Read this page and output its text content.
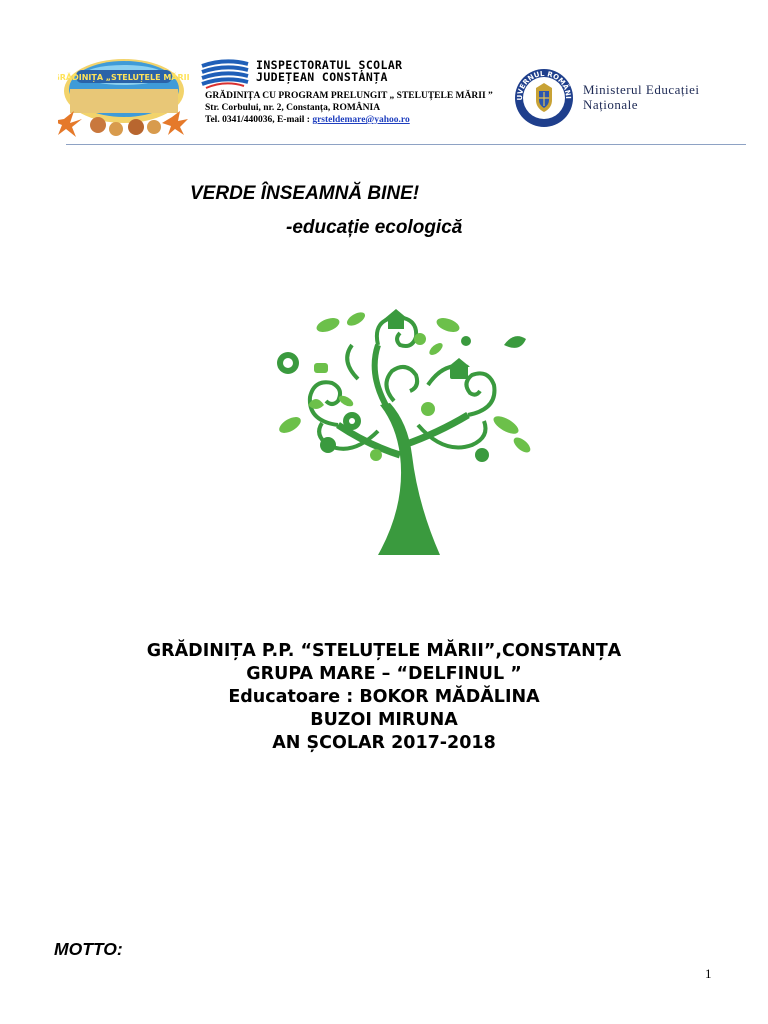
GRĂDINIȚA „STELUȚELE MĂRII”
INSPECTORATUL ȘCOLAR
JUDEȚEAN CONSTANȚA
GRĂDINIȚA CU PROGRAM PRELUNGIT „ STELUȚELE MĂRII ”
Str. Corbului, nr. 2, Constanța, ROMÂNIA
Tel. 0341/440036, E-mail : grsteldemare@yahoo.ro
UVERNUL ROMÂNI
Ministerul Educației
Naționale
VERDE ÎNSEAMNĂ BINE!
-educație ecologică
GRĂDINIȚA P.P. “STELUȚELE MĂRII”,CONSTANȚA
GRUPA MARE – “DELFINUL ”
Educatoare : BOKOR MĂDĂLINA
BUZOI MIRUNA
AN ȘCOLAR 2017-2018
MOTTO:
1
